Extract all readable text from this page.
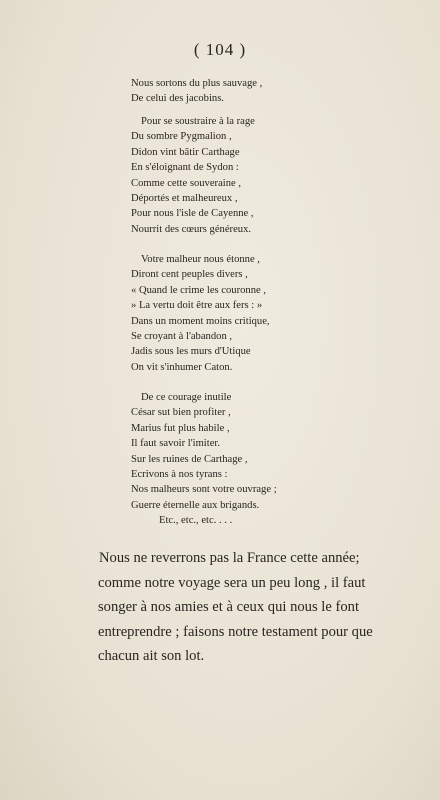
( 104 )
Nous sortons du plus sauvage ,
De celui des jacobins.
Pour se soustraire à la rage
Du sombre Pygmalion ,
Didon vint bâtir Carthage
En s'éloignant de Sydon :
Comme cette souveraine ,
Déportés et malheureux ,
Pour nous l'isle de Cayenne ,
Nourrit des cœurs généreux.
Votre malheur nous étonne ,
Diront cent peuples divers ,
« Quand le crime les couronne ,
» La vertu doit être aux fers : »
Dans un moment moins critique,
Se croyant à l'abandon ,
Jadis sous les murs d'Utique
On vit s'inhumer Caton.
De ce courage inutile
César sut bien profiter ,
Marius fut plus habile ,
Il faut savoir l'imiter.
Sur les ruines de Carthage ,
Ecrivons à nos tyrans :
Nos malheurs sont votre ouvrage ;
Guerre éternelle aux brigands.
Etc., etc., etc. . . .
Nous ne reverrons pas la France cette année;
comme notre voyage sera un peu long , il faut
songer à nos amies et à ceux qui nous le font
entreprendre ; faisons notre testament pour que
chacun ait son lot.
